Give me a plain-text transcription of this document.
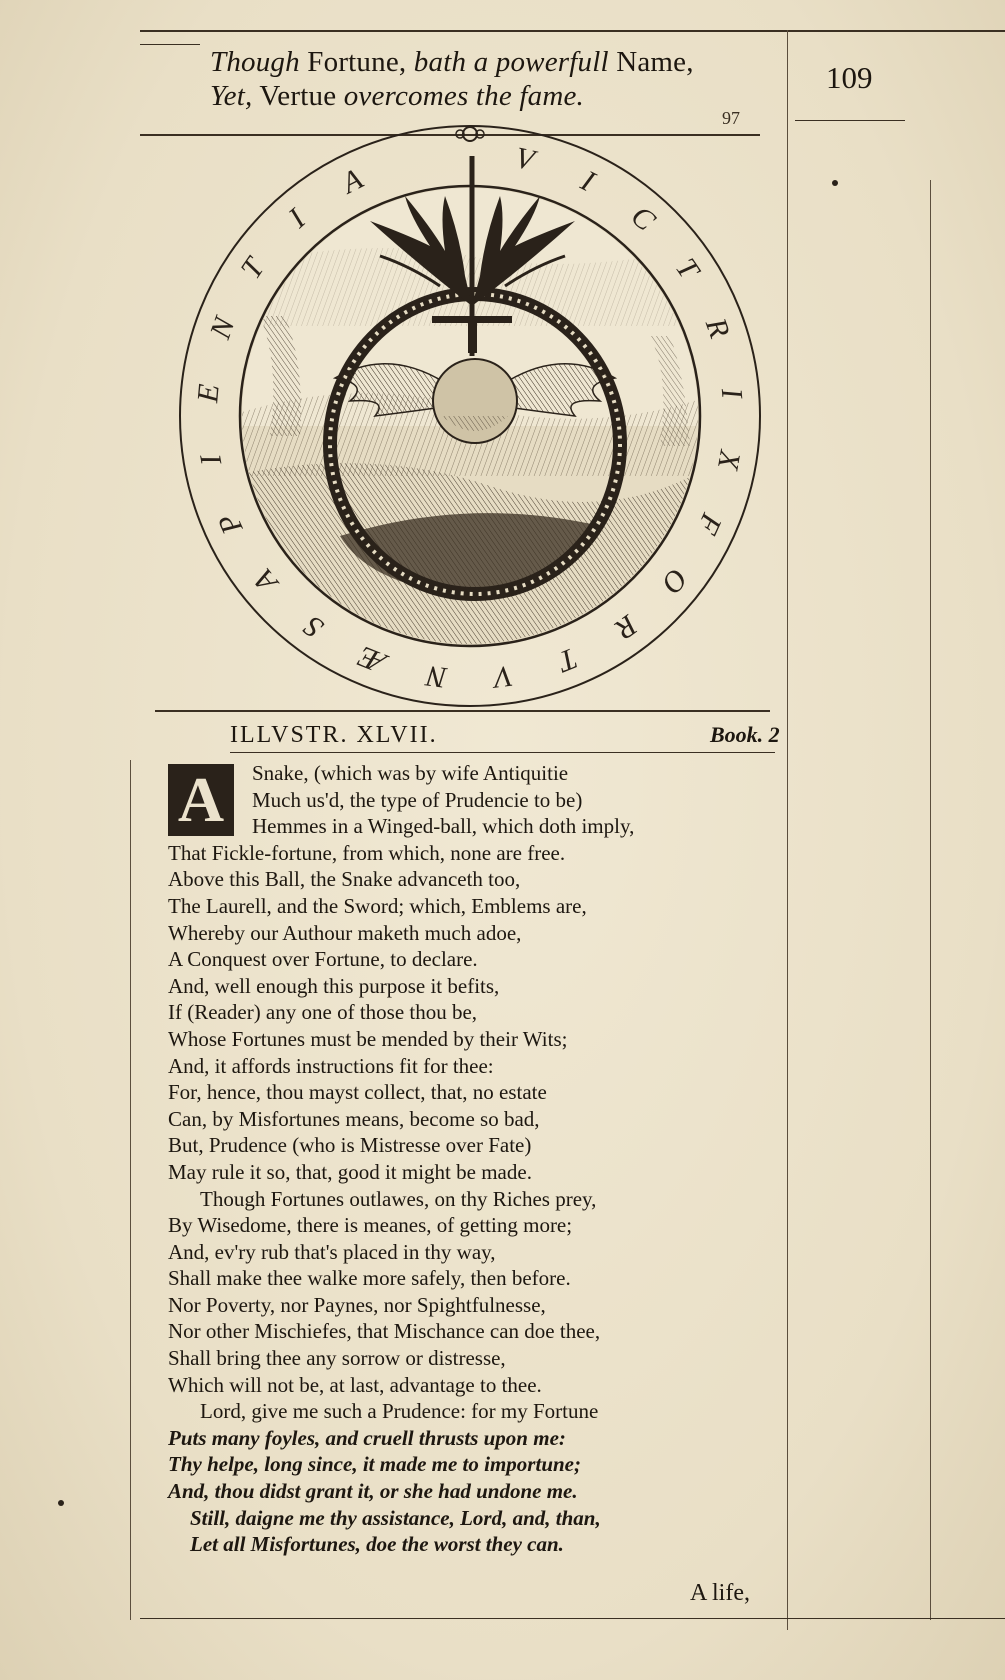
Though Fortune, bath a powerfull Name,
Yet, Vertue overcomes the fame.
109
97
V
I
C
T
R
I
X
F
O
R
T
V
N
Æ
S
A
P
I
E
N
T
I
A
ILLVSTR. XLVII.	Book. 2
A	Snake, (which was by wife Antiquitie
Much us'd, the type of Prudencie to be)
Hemmes in a Winged-ball, which doth imply,
That Fickle-fortune, from which, none are free.
Above this Ball, the Snake advanceth too,
The Laurell, and the Sword; which, Emblems are,
Whereby our Authour maketh much adoe,
A Conquest over Fortune, to declare.
And, well enough this purpose it befits,
If (Reader) any one of those thou be,
Whose Fortunes must be mended by their Wits;
And, it affords instructions fit for thee:
For, hence, thou mayst collect, that, no estate
Can, by Misfortunes means, become so bad,
But, Prudence (who is Mistresse over Fate)
May rule it so, that, good it might be made.
Though Fortunes outlawes, on thy Riches prey,
By Wisedome, there is meanes, of getting more;
And, ev'ry rub that's placed in thy way,
Shall make thee walke more safely, then before.
Nor Poverty, nor Paynes, nor Spightfulnesse,
Nor other Mischiefes, that Mischance can doe thee,
Shall bring thee any sorrow or distresse,
Which will not be, at last, advantage to thee.
Lord, give me such a Prudence: for my Fortune
Puts many foyles, and cruell thrusts upon me:
Thy helpe, long since, it made me to importune;
And, thou didst grant it, or she had undone me.
Still, daigne me thy assistance, Lord, and, than,
Let all Misfortunes, doe the worst they can.
A life,
